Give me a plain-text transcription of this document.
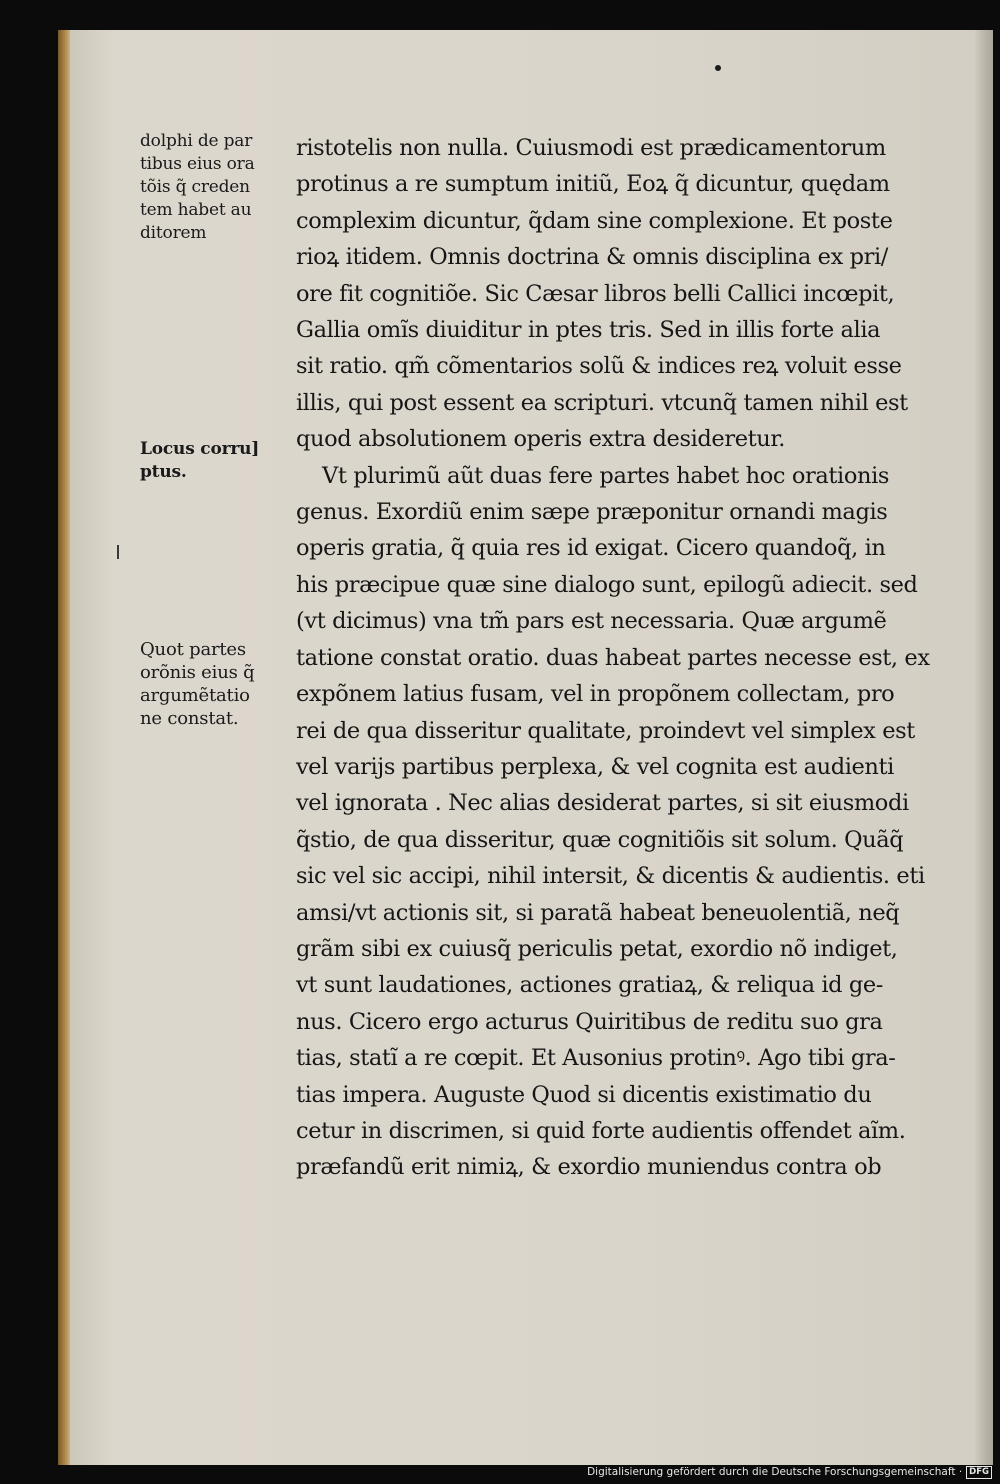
dolphi de par
tibus eius ora
tõis q̃ creden
tem habet au
ditorem
Locus corru]
ptus.
Quot partes
orõnis eius q̃
argumẽtatio
ne constat.
ristotelis non nulla. Cuiusmodi est prædicamentorum
protinus a re sumptum initiũ, Eoꝝ q̃ dicuntur, quędam
complexim dicuntur, q̃dam sine complexione. Et poste
rioꝝ itidem. Omnis doctrina & omnis disciplina ex pri/
ore fit cognitiõe. Sic Cæsar libros belli Callici incœpit,
Gallia omĩs diuiditur in ptes tris. Sed in illis forte alia
sit ratio. qm̃ cõmentarios solũ & indices reꝝ voluit esse
illis, qui post essent ea scripturi. vtcunq̃ tamen nihil est
quod absolutionem operis extra desideretur.
Vt plurimũ aũt duas fere partes habet hoc orationis
genus. Exordiũ enim sæpe præponitur ornandi magis
operis gratia, q̃ quia res id exigat. Cicero quandoq̃, in
his præcipue quæ sine dialogo sunt, epilogũ adiecit. sed
(vt dicimus) vna tm̃ pars est necessaria. Quæ argumẽ
tatione constat oratio. duas habeat partes necesse est, ex
expõnem latius fusam, vel in propõnem collectam, pro
rei de qua disseritur qualitate, proindevt vel simplex est
vel varijs partibus perplexa, & vel cognita est audienti
vel ignorata . Nec alias desiderat partes, si sit eiusmodi
q̃stio, de qua disseritur, quæ cognitiõis sit solum. Quãq̃
sic vel sic accipi, nihil intersit, & dicentis & audientis. eti
amsi/vt actionis sit, si paratã habeat beneuolentiã, neq̃
grãm sibi ex cuiusq̃ periculis petat, exordio nõ indiget,
vt sunt laudationes, actiones gratiaꝝ, & reliqua id ge-
nus. Cicero ergo acturus Quiritibus de reditu suo gra
tias, statĩ a re cœpit. Et Ausonius protinꝰ. Ago tibi gra-
tias impera. Auguste Quod si dicentis existimatio du
cetur in discrimen, si quid forte audientis offendet aĩm.
præfandũ erit nimiꝝ, & exordio muniendus contra ob
Digitalisierung gefördert durch die Deutsche Forschungsgemeinschaft · DFG
